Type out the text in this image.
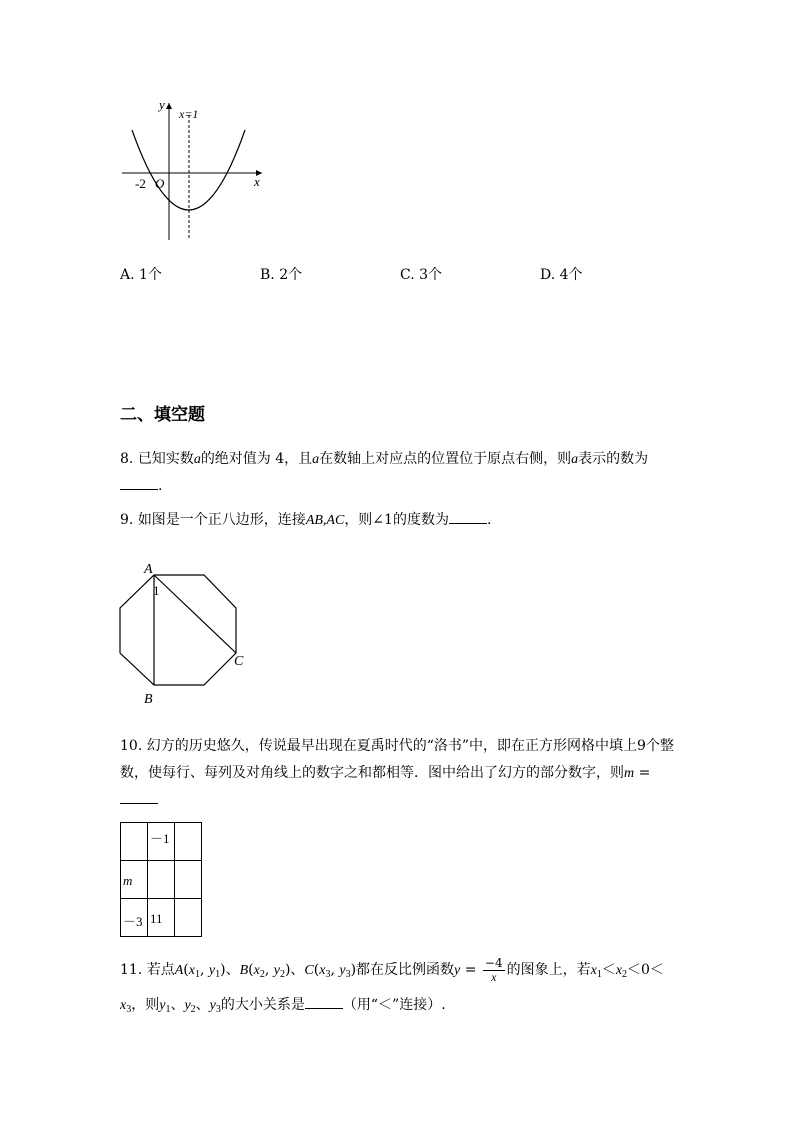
y
x
x=1
-2 O
A. 1个	B. 2个	C. 3个	D. 4个
二、填空题
8. 已知实数a的绝对值为 4，且a在数轴上对应点的位置位于原点右侧，则a表示的数为.
9. 如图是一个正八边形，连接AB,AC，则∠1的度数为	.
A
B
C
1
10. 幻方的历史悠久，传说最早出现在夏禹时代的“洛书”中，即在正方形网格中填上9个整数，使每行、每列及对角线上的数字之和都相等．图中给出了幻方的部分数字，则m =
	－1	
m		
－3	11	
11. 若点$A(x_1$, $y_1$)、$B(x_2$, $y_2$)、$C(x_3$, $y_3$)都在反比例函数$y = \frac{-4}{x}$ 的图象上，若$x_1<x_2<0<x_3$，则$y_1$、$y_2$、$y_3$的大小关系是	（用“＜”连接）.
